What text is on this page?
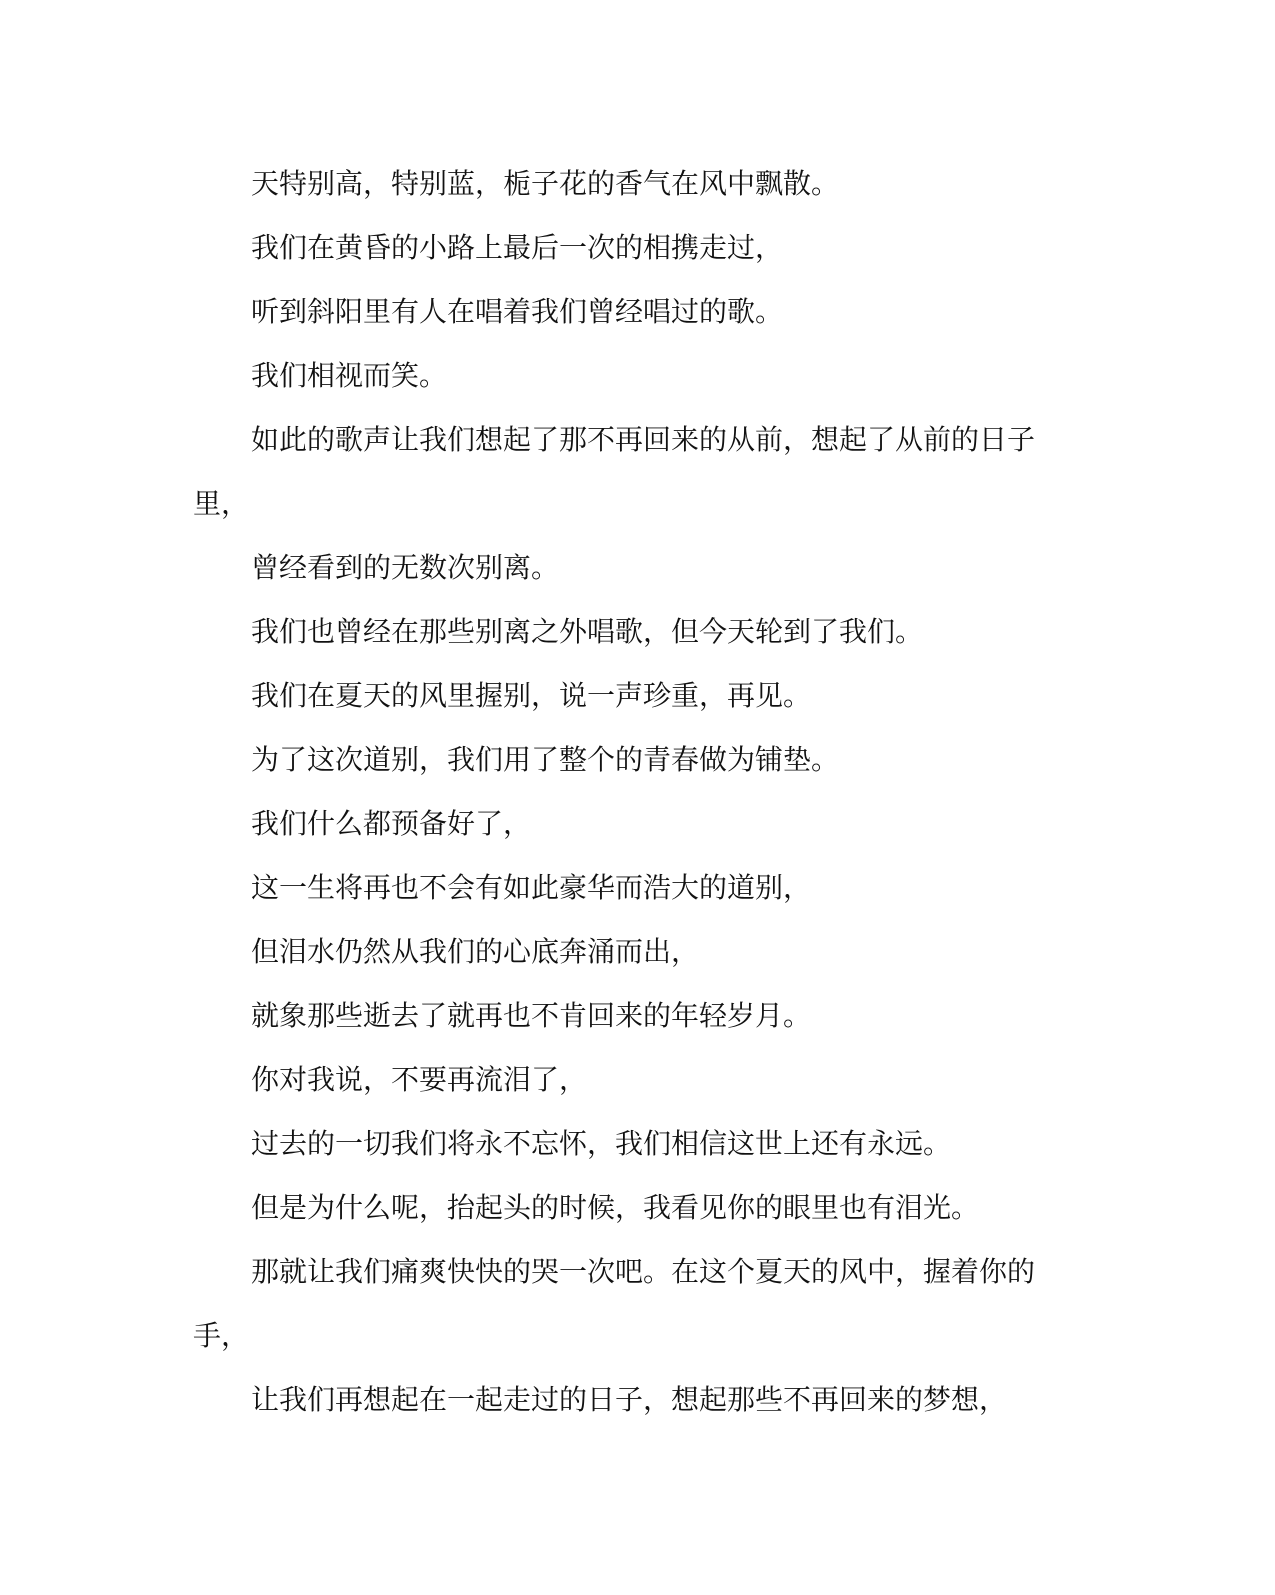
天特别高，特别蓝，栀子花的香气在风中飘散。

我们在黄昏的小路上最后一次的相携走过，

听到斜阳里有人在唱着我们曾经唱过的歌。

我们相视而笑。

如此的歌声让我们想起了那不再回来的从前，想起了从前的日子里，

曾经看到的无数次别离。

我们也曾经在那些别离之外唱歌，但今天轮到了我们。

我们在夏天的风里握别，说一声珍重，再见。

为了这次道别，我们用了整个的青春做为铺垫。

我们什么都预备好了，

这一生将再也不会有如此豪华而浩大的道别，

但泪水仍然从我们的心底奔涌而出，

就象那些逝去了就再也不肯回来的年轻岁月。

你对我说，不要再流泪了，

过去的一切我们将永不忘怀，我们相信这世上还有永远。

但是为什么呢，抬起头的时候，我看见你的眼里也有泪光。

那就让我们痛爽快快的哭一次吧。在这个夏天的风中，握着你的手，

让我们再想起在一起走过的日子，想起那些不再回来的梦想，
